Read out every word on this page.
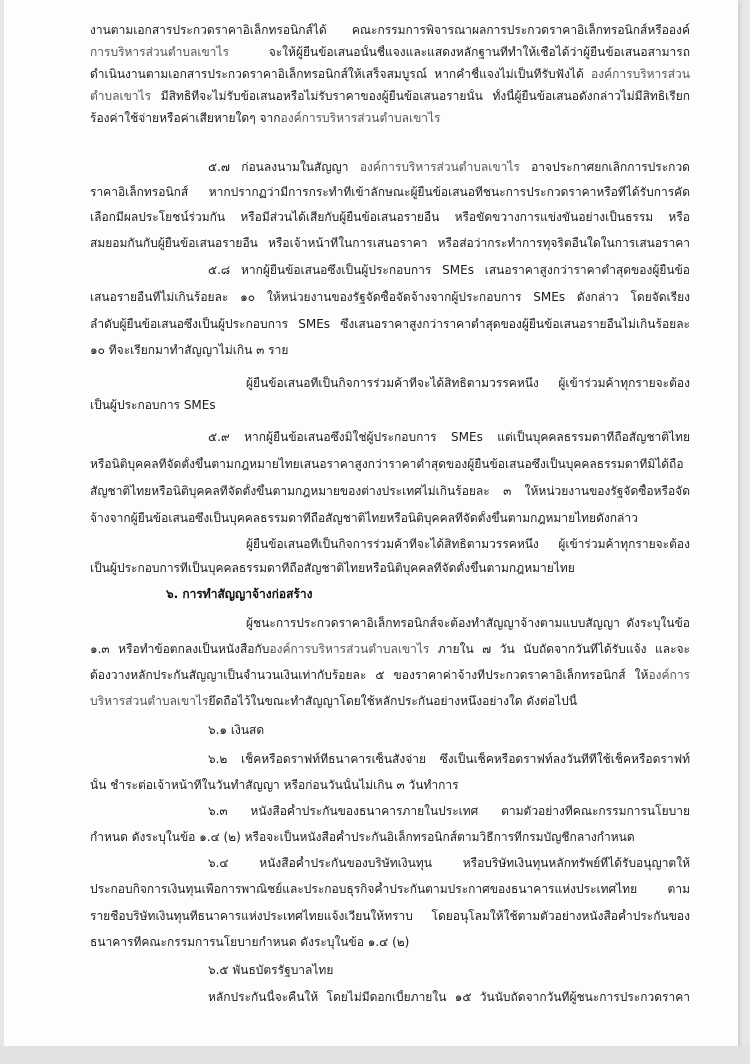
งานตามเอกสารประกวดราคาอิเล็กทรอนิกส์ได้ คณะกรรมการพิจารณาผลการประกวดราคาอิเล็กทรอนิกส์หรือองค์
การบริหารส่วนตำบลเขาไร จะให้ผู้ยื่นข้อเสนอนั้นชี้แจงและแสดงหลักฐานที่ทำให้เชื่อได้ว่าผู้ยื่นข้อเสนอสามารถ
ดำเนินงานตามเอกสารประกวดราคาอิเล็กทรอนิกส์ให้เสร็จสมบูรณ์ หากคำชี้แจงไม่เป็นที่รับฟังได้ องค์การบริหารส่วน
ตำบลเขาไร มีสิทธิที่จะไม่รับข้อเสนอหรือไม่รับราคาของผู้ยื่นข้อเสนอรายนั้น ทั้งนี้ผู้ยื่นข้อเสนอดังกล่าวไม่มีสิทธิเรียก
ร้องค่าใช้จ่ายหรือค่าเสียหายใดๆ จากองค์การบริหารส่วนตำบลเขาไร
๕.๗ ก่อนลงนามในสัญญา องค์การบริหารส่วนตำบลเขาไร อาจประกาศยกเลิกการประกวด
ราคาอิเล็กทรอนิกส์ หากปรากฏว่ามีการกระทำที่เข้าลักษณะผู้ยื่นข้อเสนอที่ชนะการประกวดราคาหรือที่ได้รับการคัด
เลือกมีผลประโยชน์ร่วมกัน หรือมีส่วนได้เสียกับผู้ยื่นข้อเสนอรายอื่น หรือขัดขวางการแข่งขันอย่างเป็นธรรม หรือ
สมยอมกันกับผู้ยื่นข้อเสนอรายอื่น หรือเจ้าหน้าที่ในการเสนอราคา หรือส่อว่ากระทำการทุจริตอื่นใดในการเสนอราคา
๕.๘ หากผู้ยื่นข้อเสนอซึ่งเป็นผู้ประกอบการ SMEs เสนอราคาสูงกว่าราคาต่ำสุดของผู้ยื่นข้อ
เสนอรายอื่นที่ไม่เกินร้อยละ ๑๐ ให้หน่วยงานของรัฐจัดซื้อจัดจ้างจากผู้ประกอบการ SMEs ดังกล่าว โดยจัดเรียง
ลำดับผู้ยื่นข้อเสนอซึ่งเป็นผู้ประกอบการ SMEs ซึ่งเสนอราคาสูงกว่าราคาต่ำสุดของผู้ยื่นข้อเสนอรายอื่นไม่เกินร้อยละ
๑๐ ที่จะเรียกมาทำสัญญาไม่เกิน ๓ ราย
ผู้ยื่นข้อเสนอที่เป็นกิจการร่วมค้าที่จะได้สิทธิตามวรรคหนึ่ง ผู้เข้าร่วมค้าทุกรายจะต้อง
เป็นผู้ประกอบการ SMEs
๕.๙ หากผู้ยื่นข้อเสนอซึ่งมิใช่ผู้ประกอบการ SMEs แต่เป็นบุคคลธรรมดาที่ถือสัญชาติไทย
หรือนิติบุคคลที่จัดตั้งขึ้นตามกฎหมายไทยเสนอราคาสูงกว่าราคาต่ำสุดของผู้ยื่นข้อเสนอซึ่งเป็นบุคคลธรรมดาที่มิได้ถือ
สัญชาติไทยหรือนิติบุคคลที่จัดตั้งขึ้นตามกฎหมายของต่างประเทศไม่เกินร้อยละ ๓ ให้หน่วยงานของรัฐจัดซื้อหรือจัด
จ้างจากผู้ยื่นข้อเสนอซึ่งเป็นบุคคลธรรมดาที่ถือสัญชาติไทยหรือนิติบุคคลที่จัดตั้งขึ้นตามกฎหมายไทยดังกล่าว
ผู้ยื่นข้อเสนอที่เป็นกิจการร่วมค้าที่จะได้สิทธิตามวรรคหนึ่ง ผู้เข้าร่วมค้าทุกรายจะต้อง
เป็นผู้ประกอบการที่เป็นบุคคลธรรมดาที่ถือสัญชาติไทยหรือนิติบุคคลที่จัดตั้งขึ้นตามกฎหมายไทย
๖. การทำสัญญาจ้างก่อสร้าง
ผู้ชนะการประกวดราคาอิเล็กทรอนิกส์จะต้องทำสัญญาจ้างตามแบบสัญญา ดังระบุในข้อ
๑.๓ หรือทำข้อตกลงเป็นหนังสือกับองค์การบริหารส่วนตำบลเขาไร ภายใน ๗ วัน นับถัดจากวันที่ได้รับแจ้ง และจะ
ต้องวางหลักประกันสัญญาเป็นจำนวนเงินเท่ากับร้อยละ ๕ ของราคาค่าจ้างที่ประกวดราคาอิเล็กทรอนิกส์ ให้องค์การ
บริหารส่วนตำบลเขาไรยึดถือไว้ในขณะทำสัญญาโดยใช้หลักประกันอย่างหนึ่งอย่างใด ดังต่อไปนี้
๖.๑ เงินสด
๖.๒ เช็คหรือดราฟท์ที่ธนาคารเซ็นสั่งจ่าย ซึ่งเป็นเช็คหรือดราฟท์ลงวันที่ที่ใช้เช็คหรือดราฟท์
นั้น ชำระต่อเจ้าหน้าที่ในวันทำสัญญา หรือก่อนวันนั้นไม่เกิน ๓ วันทำการ
๖.๓ หนังสือค้ำประกันของธนาคารภายในประเทศ ตามตัวอย่างที่คณะกรรมการนโยบาย
กำหนด ดังระบุในข้อ ๑.๔ (๒) หรือจะเป็นหนังสือค้ำประกันอิเล็กทรอนิกส์ตามวิธีการที่กรมบัญชีกลางกำหนด
๖.๔ หนังสือค้ำประกันของบริษัทเงินทุน หรือบริษัทเงินทุนหลักทรัพย์ที่ได้รับอนุญาตให้
ประกอบกิจการเงินทุนเพื่อการพาณิชย์และประกอบธุรกิจค้ำประกันตามประกาศของธนาคารแห่งประเทศไทย ตาม
รายชื่อบริษัทเงินทุนที่ธนาคารแห่งประเทศไทยแจ้งเวียนให้ทราบ โดยอนุโลมให้ใช้ตามตัวอย่างหนังสือค้ำประกันของ
ธนาคารที่คณะกรรมการนโยบายกำหนด ดังระบุในข้อ ๑.๔ (๒)
๖.๕ พันธบัตรรัฐบาลไทย
หลักประกันนี้จะคืนให้ โดยไม่มีดอกเบี้ยภายใน ๑๕ วันนับถัดจากวันที่ผู้ชนะการประกวดราคา
